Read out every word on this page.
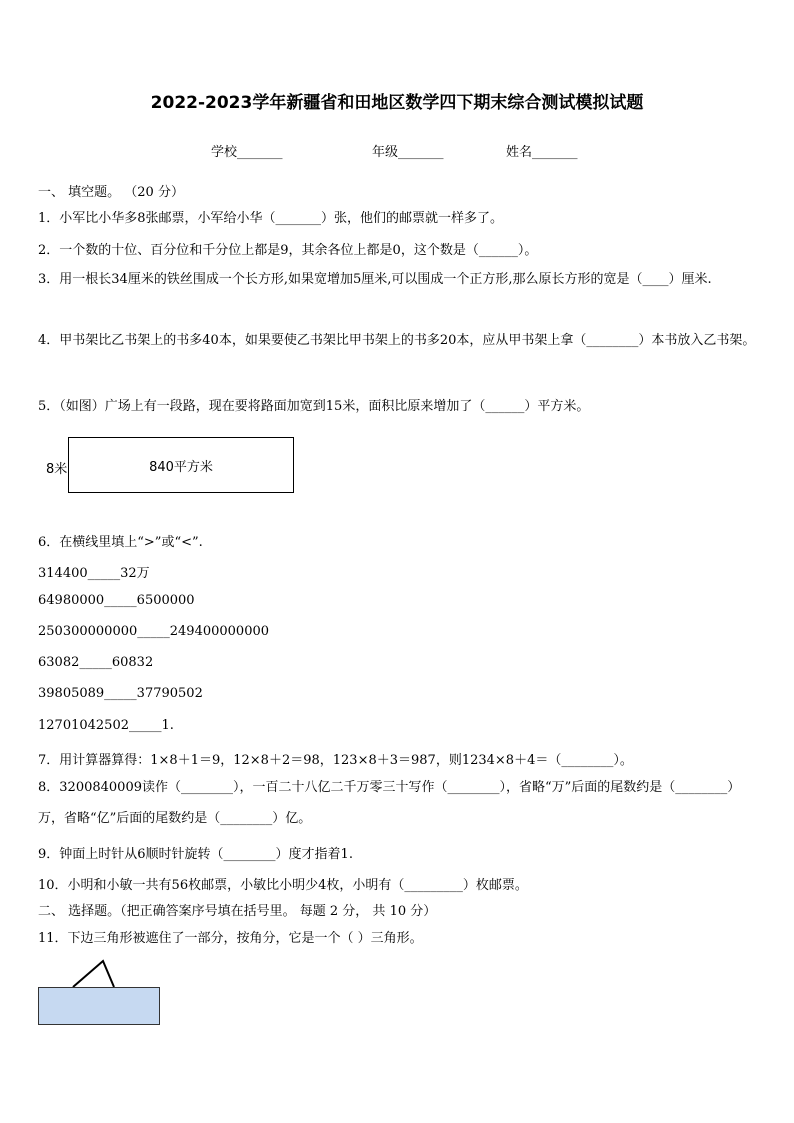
2022-2023学年新疆省和田地区数学四下期末综合测试模拟试题
学校_______	年级_______	姓名_______
一、 填空题。 （20 分）
1．小军比小华多8张邮票，小军给小华（_______）张，他们的邮票就一样多了。
2．一个数的十位、百分位和千分位上都是9，其余各位上都是0，这个数是（______）。
3．用一根长34厘米的铁丝围成一个长方形,如果宽增加5厘米,可以围成一个正方形,那么原长方形的宽是（____）厘米.
4．甲书架比乙书架上的书多40本，如果要使乙书架比甲书架上的书多20本，应从甲书架上拿（________）本书放入乙书架。
5．（如图）广场上有一段路，现在要将路面加宽到15米，面积比原来增加了（______）平方米。
8米	840平方米
6．在横线里填上“>”或“<”.
314400_____32万
64980000_____6500000
250300000000_____249400000000
63082_____60832
39805089_____37790502
12701042502_____1.
7．用计算器算得：1×8＋1＝9，12×8＋2＝98，123×8＋3＝987，则1234×8＋4＝（________）。
8．3200840009读作（________），一百二十八亿二千万零三十写作（________），省略“万”后面的尾数约是（________）万，省略“亿”后面的尾数约是（________）亿。
9．钟面上时针从6顺时针旋转（________）度才指着1.
10．小明和小敏一共有56枚邮票，小敏比小明少4枚，小明有（_________）枚邮票。
二、 选择题。（把正确答案序号填在括号里。 每题 2 分， 共 10 分）
11．下边三角形被遮住了一部分，按角分，它是一个（ ）三角形。
